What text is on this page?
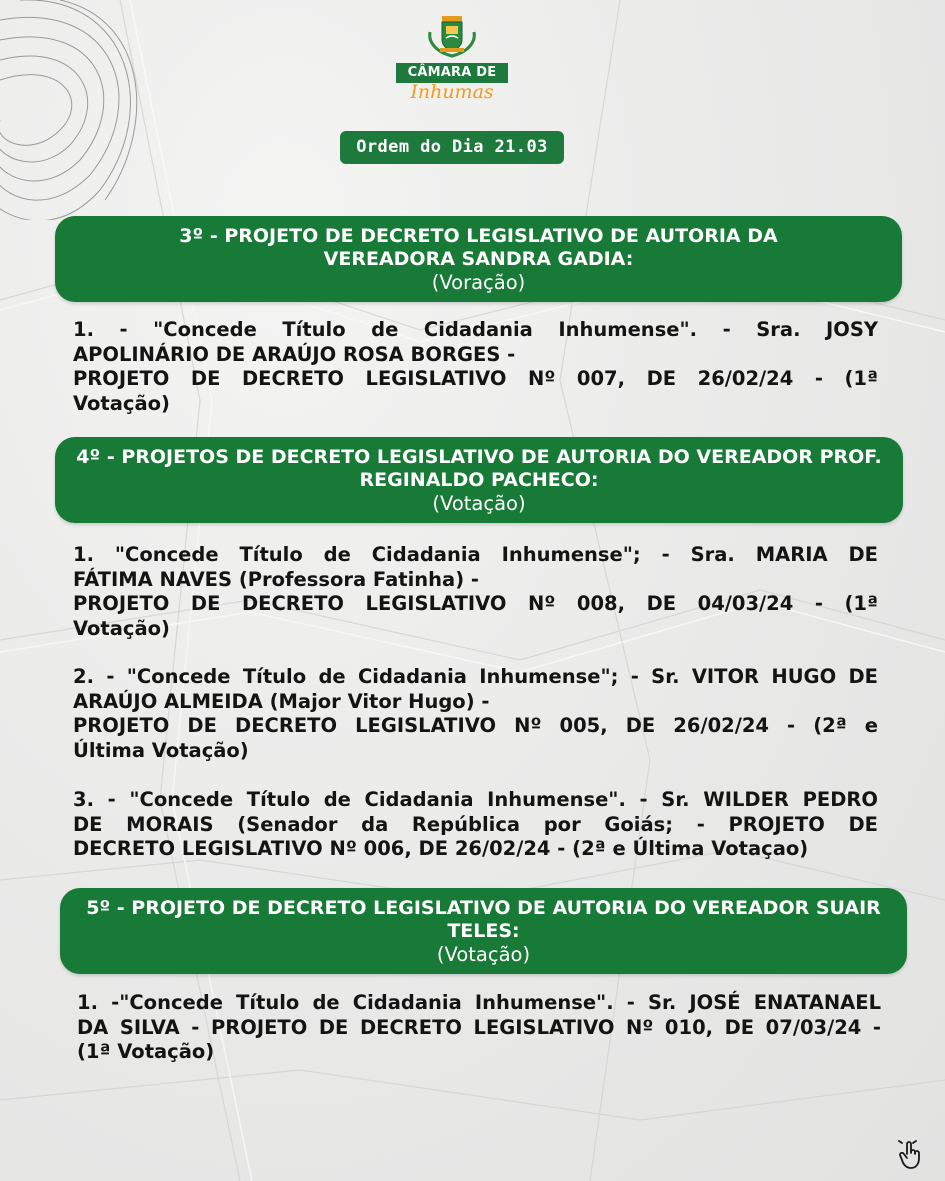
CÂMARA DE
Inhumas
Ordem do Dia 21.03
3º - PROJETO DE DECRETO LEGISLATIVO DE AUTORIA DA
VEREADORA SANDRA GADIA:
(Voração)
1. - "Concede Título de Cidadania Inhumense". - Sra. JOSY
APOLINÁRIO DE ARAÚJO ROSA BORGES -
PROJETO DE DECRETO LEGISLATIVO Nº 007, DE 26/02/24 - (1ª
Votação)
4º - PROJETOS DE DECRETO LEGISLATIVO DE AUTORIA DO VEREADOR PROF.
REGINALDO PACHECO:
(Votação)
1. "Concede Título de Cidadania Inhumense"; - Sra. MARIA DE
FÁTIMA NAVES (Professora Fatinha) -
PROJETO DE DECRETO LEGISLATIVO Nº 008, DE 04/03/24 - (1ª
Votação)
2. - "Concede Título de Cidadania Inhumense"; - Sr. VITOR HUGO DE
ARAÚJO ALMEIDA (Major Vitor Hugo) -
PROJETO DE DECRETO LEGISLATIVO Nº 005, DE 26/02/24 - (2ª e
Última Votação)
3. - "Concede Título de Cidadania Inhumense". - Sr. WILDER PEDRO
DE MORAIS (Senador da República por Goiás; - PROJETO DE
DECRETO LEGISLATIVO Nº 006, DE 26/02/24 - (2ª e Última Votaçao)
5º - PROJETO DE DECRETO LEGISLATIVO DE AUTORIA DO VEREADOR SUAIR
TELES:
(Votação)
1. -"Concede Título de Cidadania Inhumense". - Sr. JOSÉ ENATANAEL
DA SILVA - PROJETO DE DECRETO LEGISLATIVO Nº 010, DE 07/03/24 -
(1ª Votação)
